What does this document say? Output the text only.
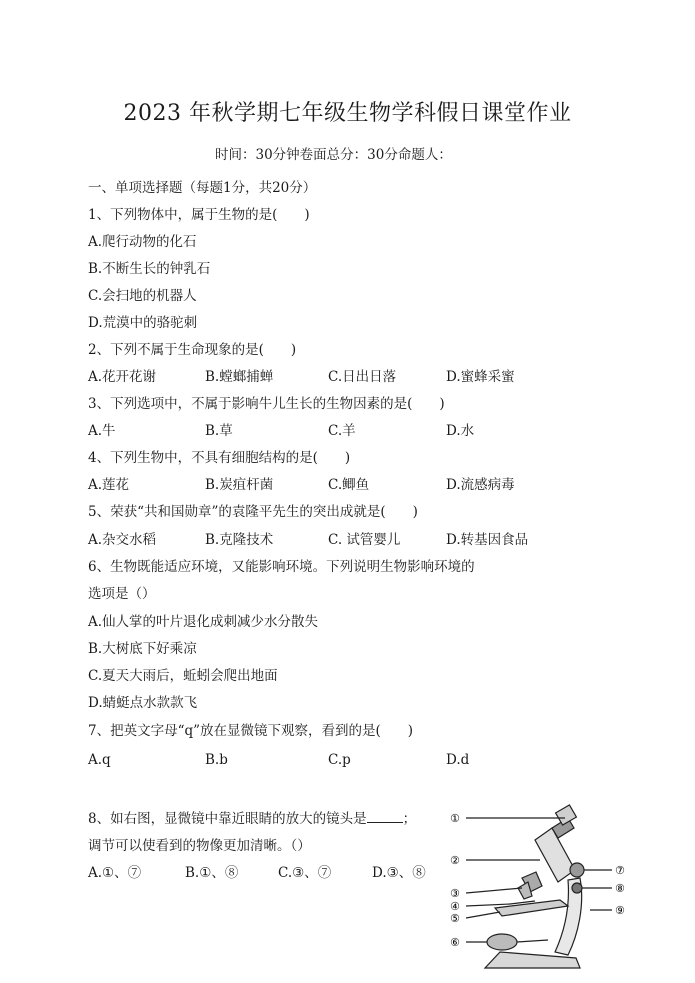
2023 年秋学期七年级生物学科假日课堂作业
时间：30分钟卷面总分：30分命题人：
一、单项选择题（每题1分，共20分）
1、下列物体中，属于生物的是(　　)
A.爬行动物的化石
B.不断生长的钟乳石
C.会扫地的机器人
D.荒漠中的骆驼刺
2、下列不属于生命现象的是(　　)
A.花开花谢	B.螳螂捕蝉	C.日出日落	D.蜜蜂采蜜
3、下列选项中，不属于影响牛儿生长的生物因素的是(　　)
A.牛	B.草	C.羊	D.水
4、下列生物中，不具有细胞结构的是(　　)
A.莲花	B.炭疽杆菌	C.鲫鱼	D.流感病毒
5、荣获“共和国勋章”的袁隆平先生的突出成就是(　　)
A.杂交水稻	B.克隆技术	C. 试管婴儿	D.转基因食品
6、生物既能适应环境，又能影响环境。下列说明生物影响环境的
选项是（）
A.仙人掌的叶片退化成刺减少水分散失
B.大树底下好乘凉
C.夏天大雨后，蚯蚓会爬出地面
D.蜻蜓点水款款飞
7、把英文字母“q”放在显微镜下观察，看到的是(　　)
A.q	B.b	C.p	D.d
8、如右图，显微镜中靠近眼睛的放大的镜头是	；
调节可以使看到的物像更加清晰。（）
A.①、⑦	B.①、⑧	C.③、⑦	D.③、⑧
①
②
③
④
⑤
⑥
⑦
⑧
⑨
